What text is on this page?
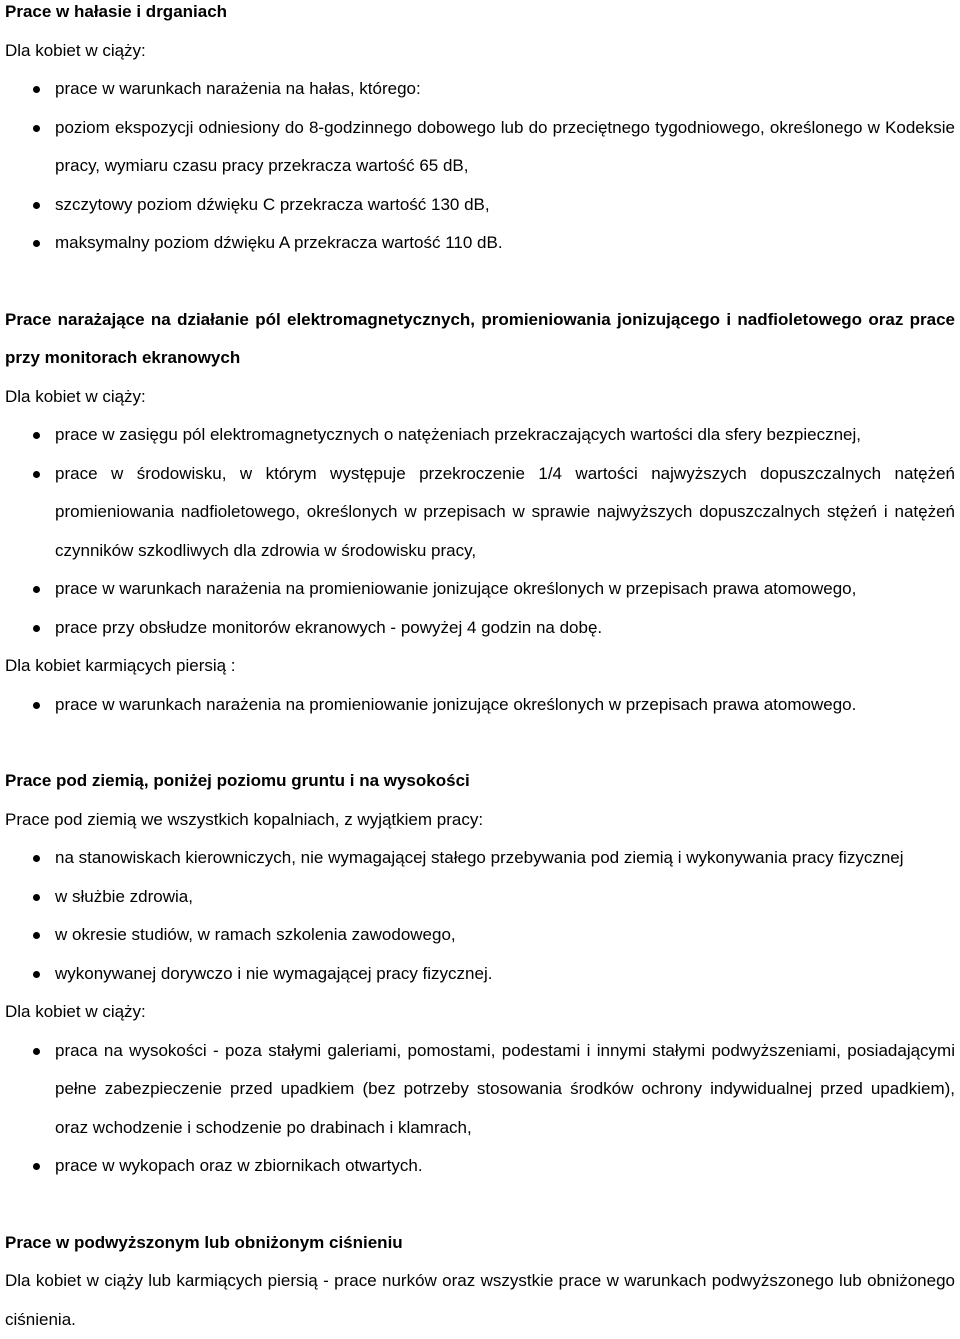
Prace w hałasie i drganiach
Dla kobiet w ciąży:
prace w warunkach narażenia na hałas, którego:
poziom ekspozycji odniesiony do 8-godzinnego dobowego lub do przeciętnego tygodniowego, określonego w Kodeksie pracy, wymiaru czasu pracy przekracza wartość 65 dB,
szczytowy poziom dźwięku C przekracza wartość 130 dB,
maksymalny poziom dźwięku A przekracza wartość 110 dB.
Prace narażające na działanie pól elektromagnetycznych, promieniowania jonizującego i nadfioletowego oraz prace przy monitorach ekranowych
Dla kobiet w ciąży:
prace w zasięgu pól elektromagnetycznych o natężeniach przekraczających wartości dla sfery bezpiecznej,
prace w środowisku, w którym występuje przekroczenie 1/4 wartości najwyższych dopuszczalnych natężeń promieniowania nadfioletowego, określonych w przepisach w sprawie najwyższych dopuszczalnych stężeń i natężeń czynników szkodliwych dla zdrowia w środowisku pracy,
prace w warunkach narażenia na promieniowanie jonizujące określonych w przepisach prawa atomowego,
prace przy obsłudze monitorów ekranowych - powyżej 4 godzin na dobę.
Dla kobiet karmiących piersią :
prace w warunkach narażenia na promieniowanie jonizujące określonych w przepisach prawa atomowego.
Prace pod ziemią, poniżej poziomu gruntu i na wysokości
Prace pod ziemią we wszystkich kopalniach, z wyjątkiem pracy:
na stanowiskach kierowniczych, nie wymagającej stałego przebywania pod ziemią i wykonywania pracy fizycznej
w służbie zdrowia,
w okresie studiów, w ramach szkolenia zawodowego,
wykonywanej dorywczo i nie wymagającej pracy fizycznej.
Dla kobiet w ciąży:
praca na wysokości - poza stałymi galeriami, pomostami, podestami i innymi stałymi podwyższeniami, posiadającymi pełne zabezpieczenie przed upadkiem (bez potrzeby stosowania środków ochrony indywidualnej przed upadkiem), oraz wchodzenie i schodzenie po drabinach i klamrach,
prace w wykopach oraz w zbiornikach otwartych.
Prace w podwyższonym lub obniżonym ciśnieniu
Dla kobiet w ciąży lub karmiących piersią - prace nurków oraz wszystkie prace w warunkach podwyższonego lub obniżonego ciśnienia.
